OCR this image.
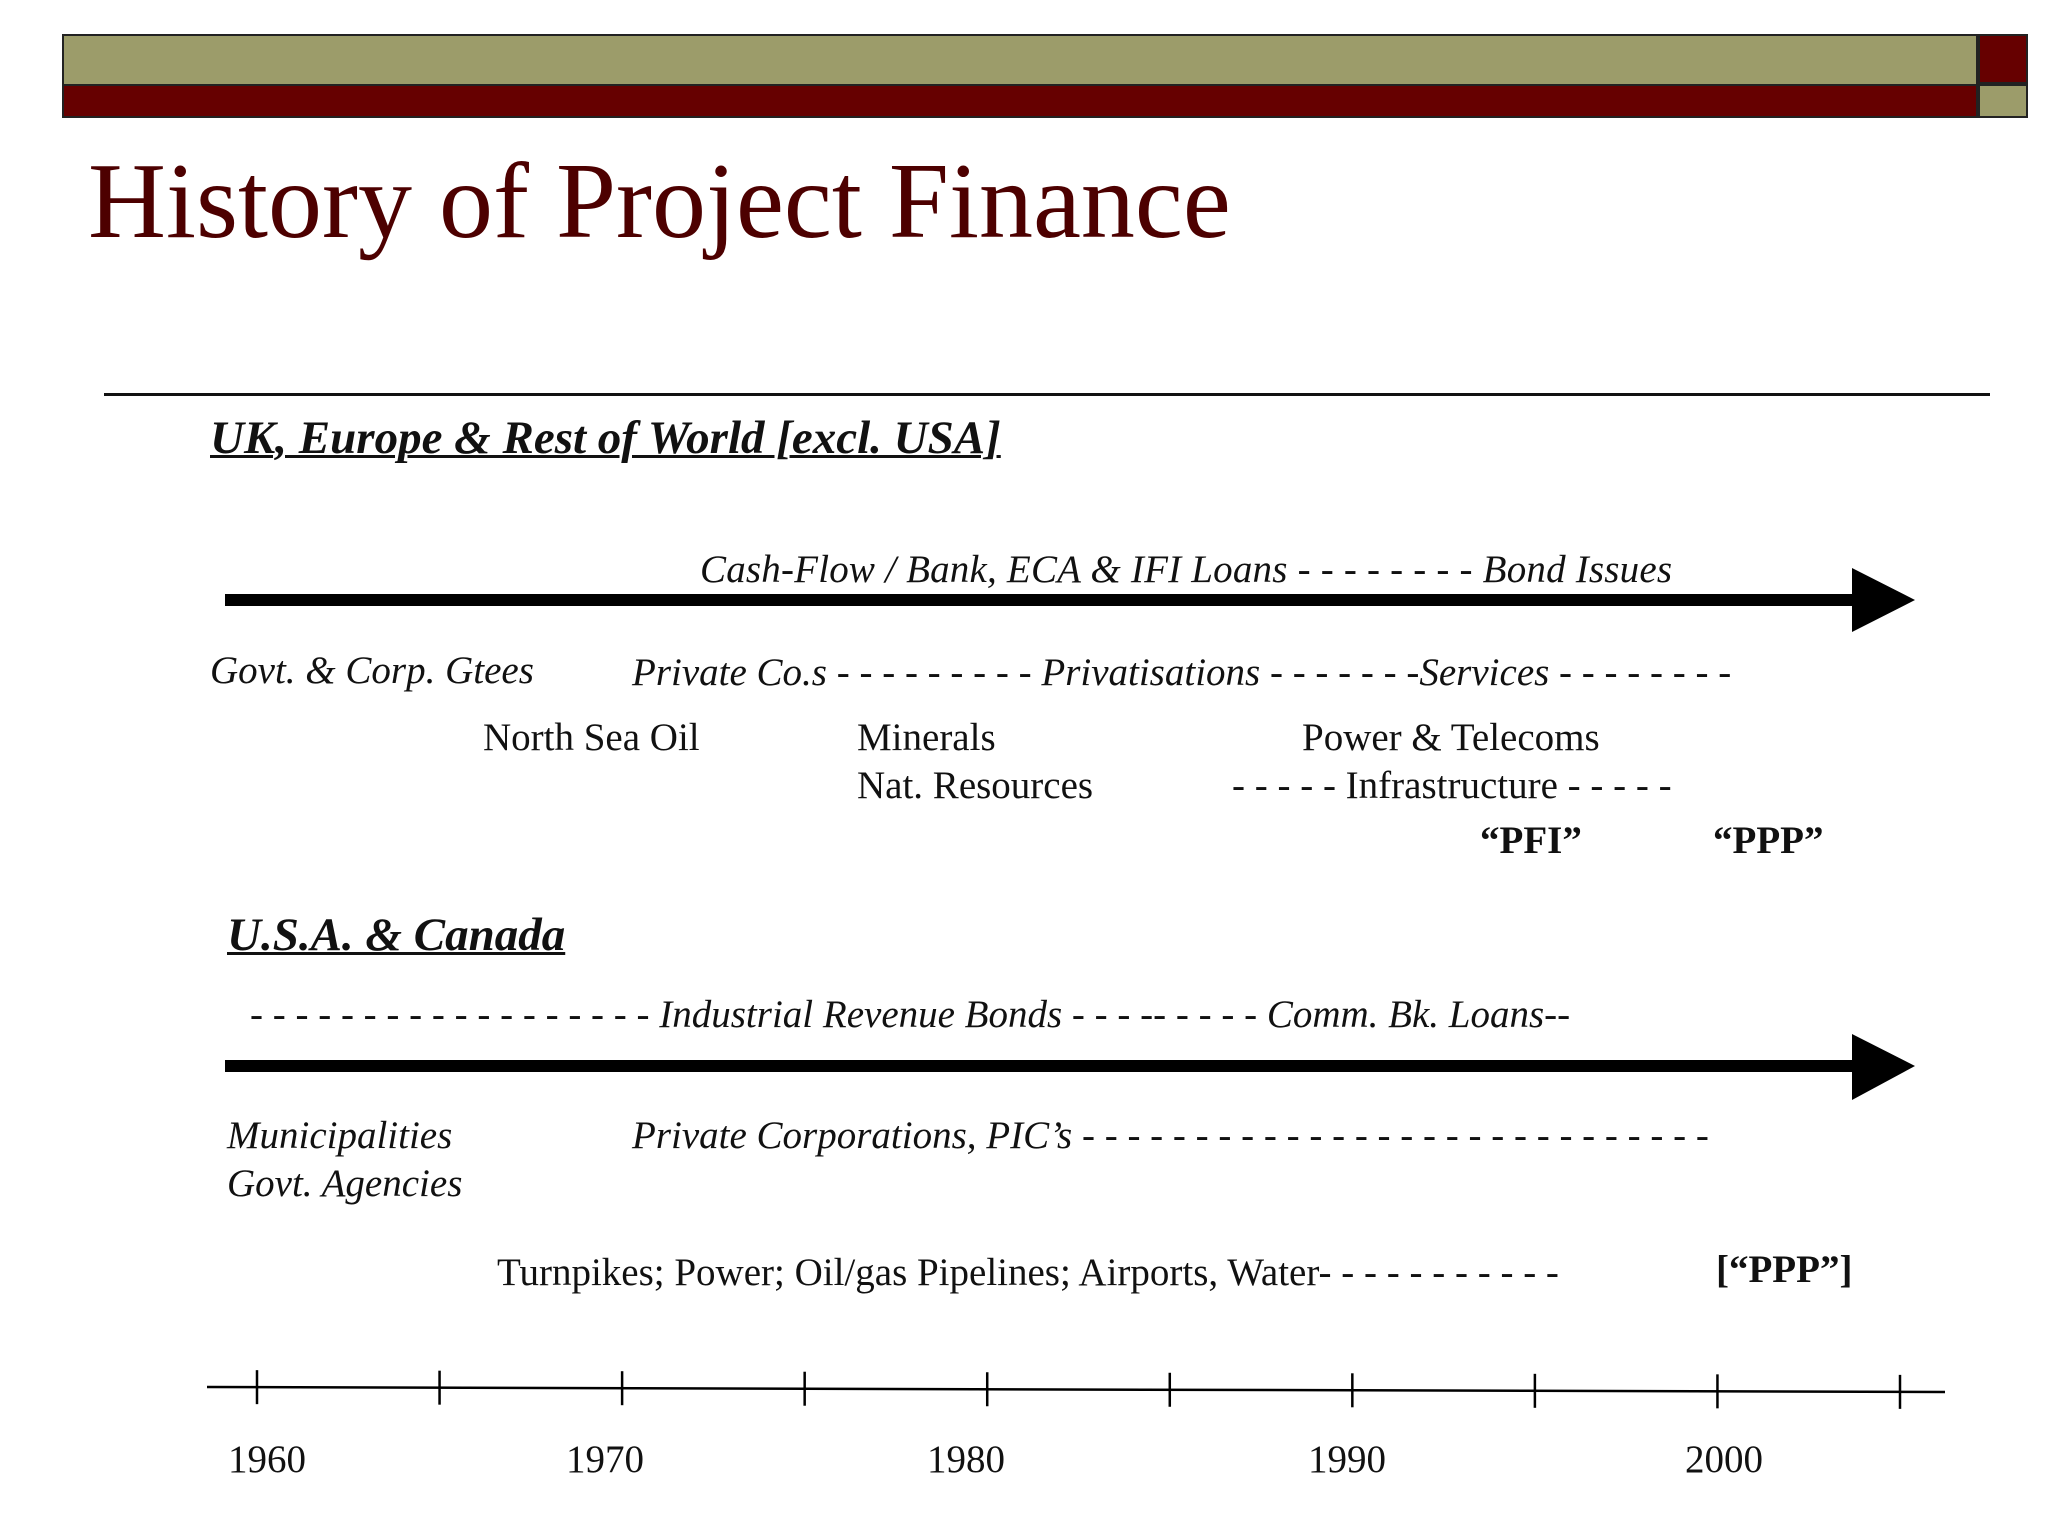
History of Project Finance
UK, Europe & Rest of World [excl. USA]
Cash-Flow / Bank, ECA & IFI Loans - - - - - - - - Bond Issues
Govt. & Corp. Gtees	Private Co.s - - - - - - - - - Privatisations - - - - - - -Services - - - - - - - -
North Sea Oil	Minerals
Nat. Resources
Power & Telecoms
- - - - - Infrastructure - - - - -
“PFI”	“PPP”
U.S.A. & Canada
- - - - - - - - - - - - - - - - - - Industrial Revenue Bonds - - - -- - - - - Comm. Bk. Loans--
Municipalities
Govt. Agencies
Private Corporations, PIC’s - - - - - - - - - - - - - - - - - - - - - - - - - - - -
Turnpikes; Power; Oil/gas Pipelines; Airports, Water- - - - - - - - - - -	[“PPP”]
1960	1970	1980	1990	2000
